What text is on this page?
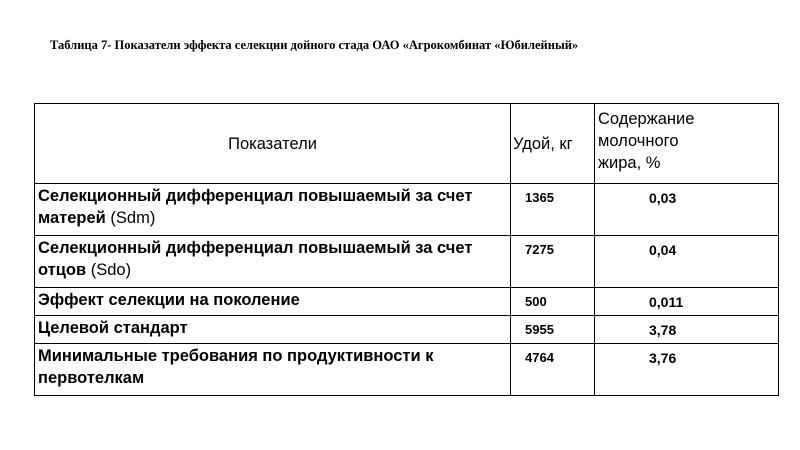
Таблица 7- Показатели эффекта селекции дойного стада ОАО «Агрокомбинат «Юбилейный»
Показатели	Удой, кг	Содержание
молочного
жира, %

Селекционный дифференциал повышаемый за счет матерей (Sdm)	1365	0,03
Селекционный дифференциал повышаемый за счет отцов (Sdo)	7275	0,04
Эффект селекции на поколение	500	0,011
Целевой стандарт	5955	3,78
Минимальные требования по продуктивности к первотелкам	4764	3,76
